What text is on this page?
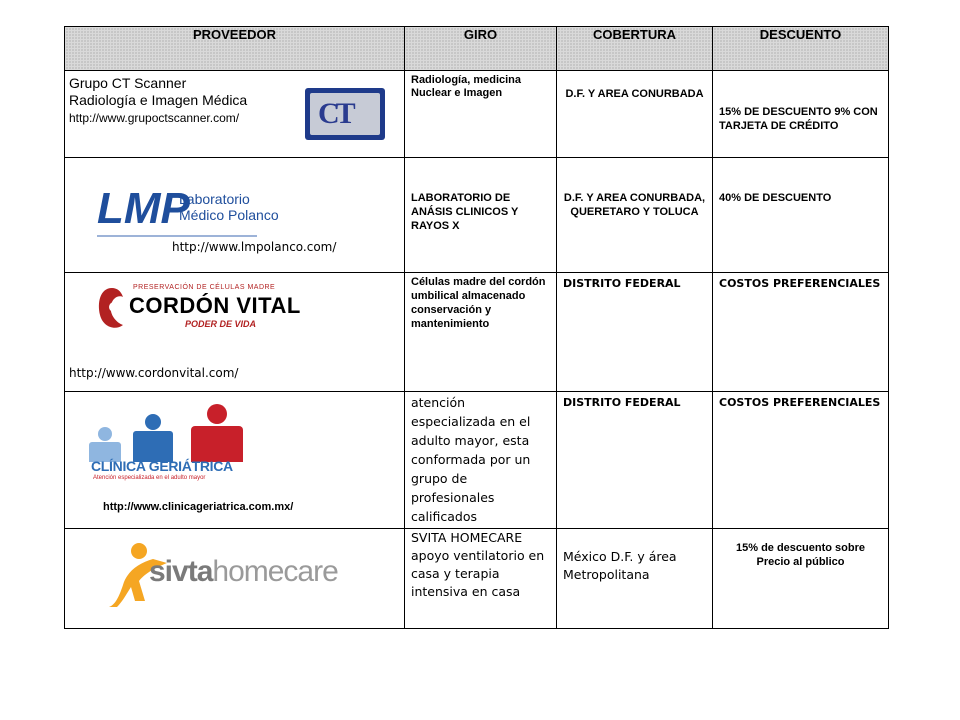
PROVEEDOR	GIRO	COBERTURA	DESCUENTO

Grupo CT Scanner
Radiología e Imagen Médica
http://www.grupoctscanner.com/ CT	Radiología, medicina Nuclear e Imagen	D.F. Y AREA CONURBADA	15% DE DESCUENTO 9% CON TARJETA DE CRÉDITO

LMP
Laboratorio
Médico Polanco
http://www.lmpolanco.com/	LABORATORIO DE ANÁSIS CLINICOS Y RAYOS X	D.F. Y AREA CONURBADA, QUERETARO Y TOLUCA	40% DE DESCUENTO

PRESERVACIÓN DE CÉLULAS MADRE
CORDÓN VITAL
PODER DE VIDA
http://www.cordonvital.com/	Células madre del cordón umbilical almacenado conservación y mantenimiento	DISTRITO FEDERAL	COSTOS PREFERENCIALES

CLÍNICA GERIÁTRICA
Atención especializada en el adulto mayor
http://www.clinicageriatrica.com.mx/	atención especializada en el adulto mayor, esta conformada por un grupo de profesionales calificados	DISTRITO FEDERAL	COSTOS PREFERENCIALES

sivtahomecare	SVITA HOMECARE apoyo ventilatorio en casa y terapia intensiva en casa	México D.F. y área Metropolitana	15% de descuento sobre Precio al público
